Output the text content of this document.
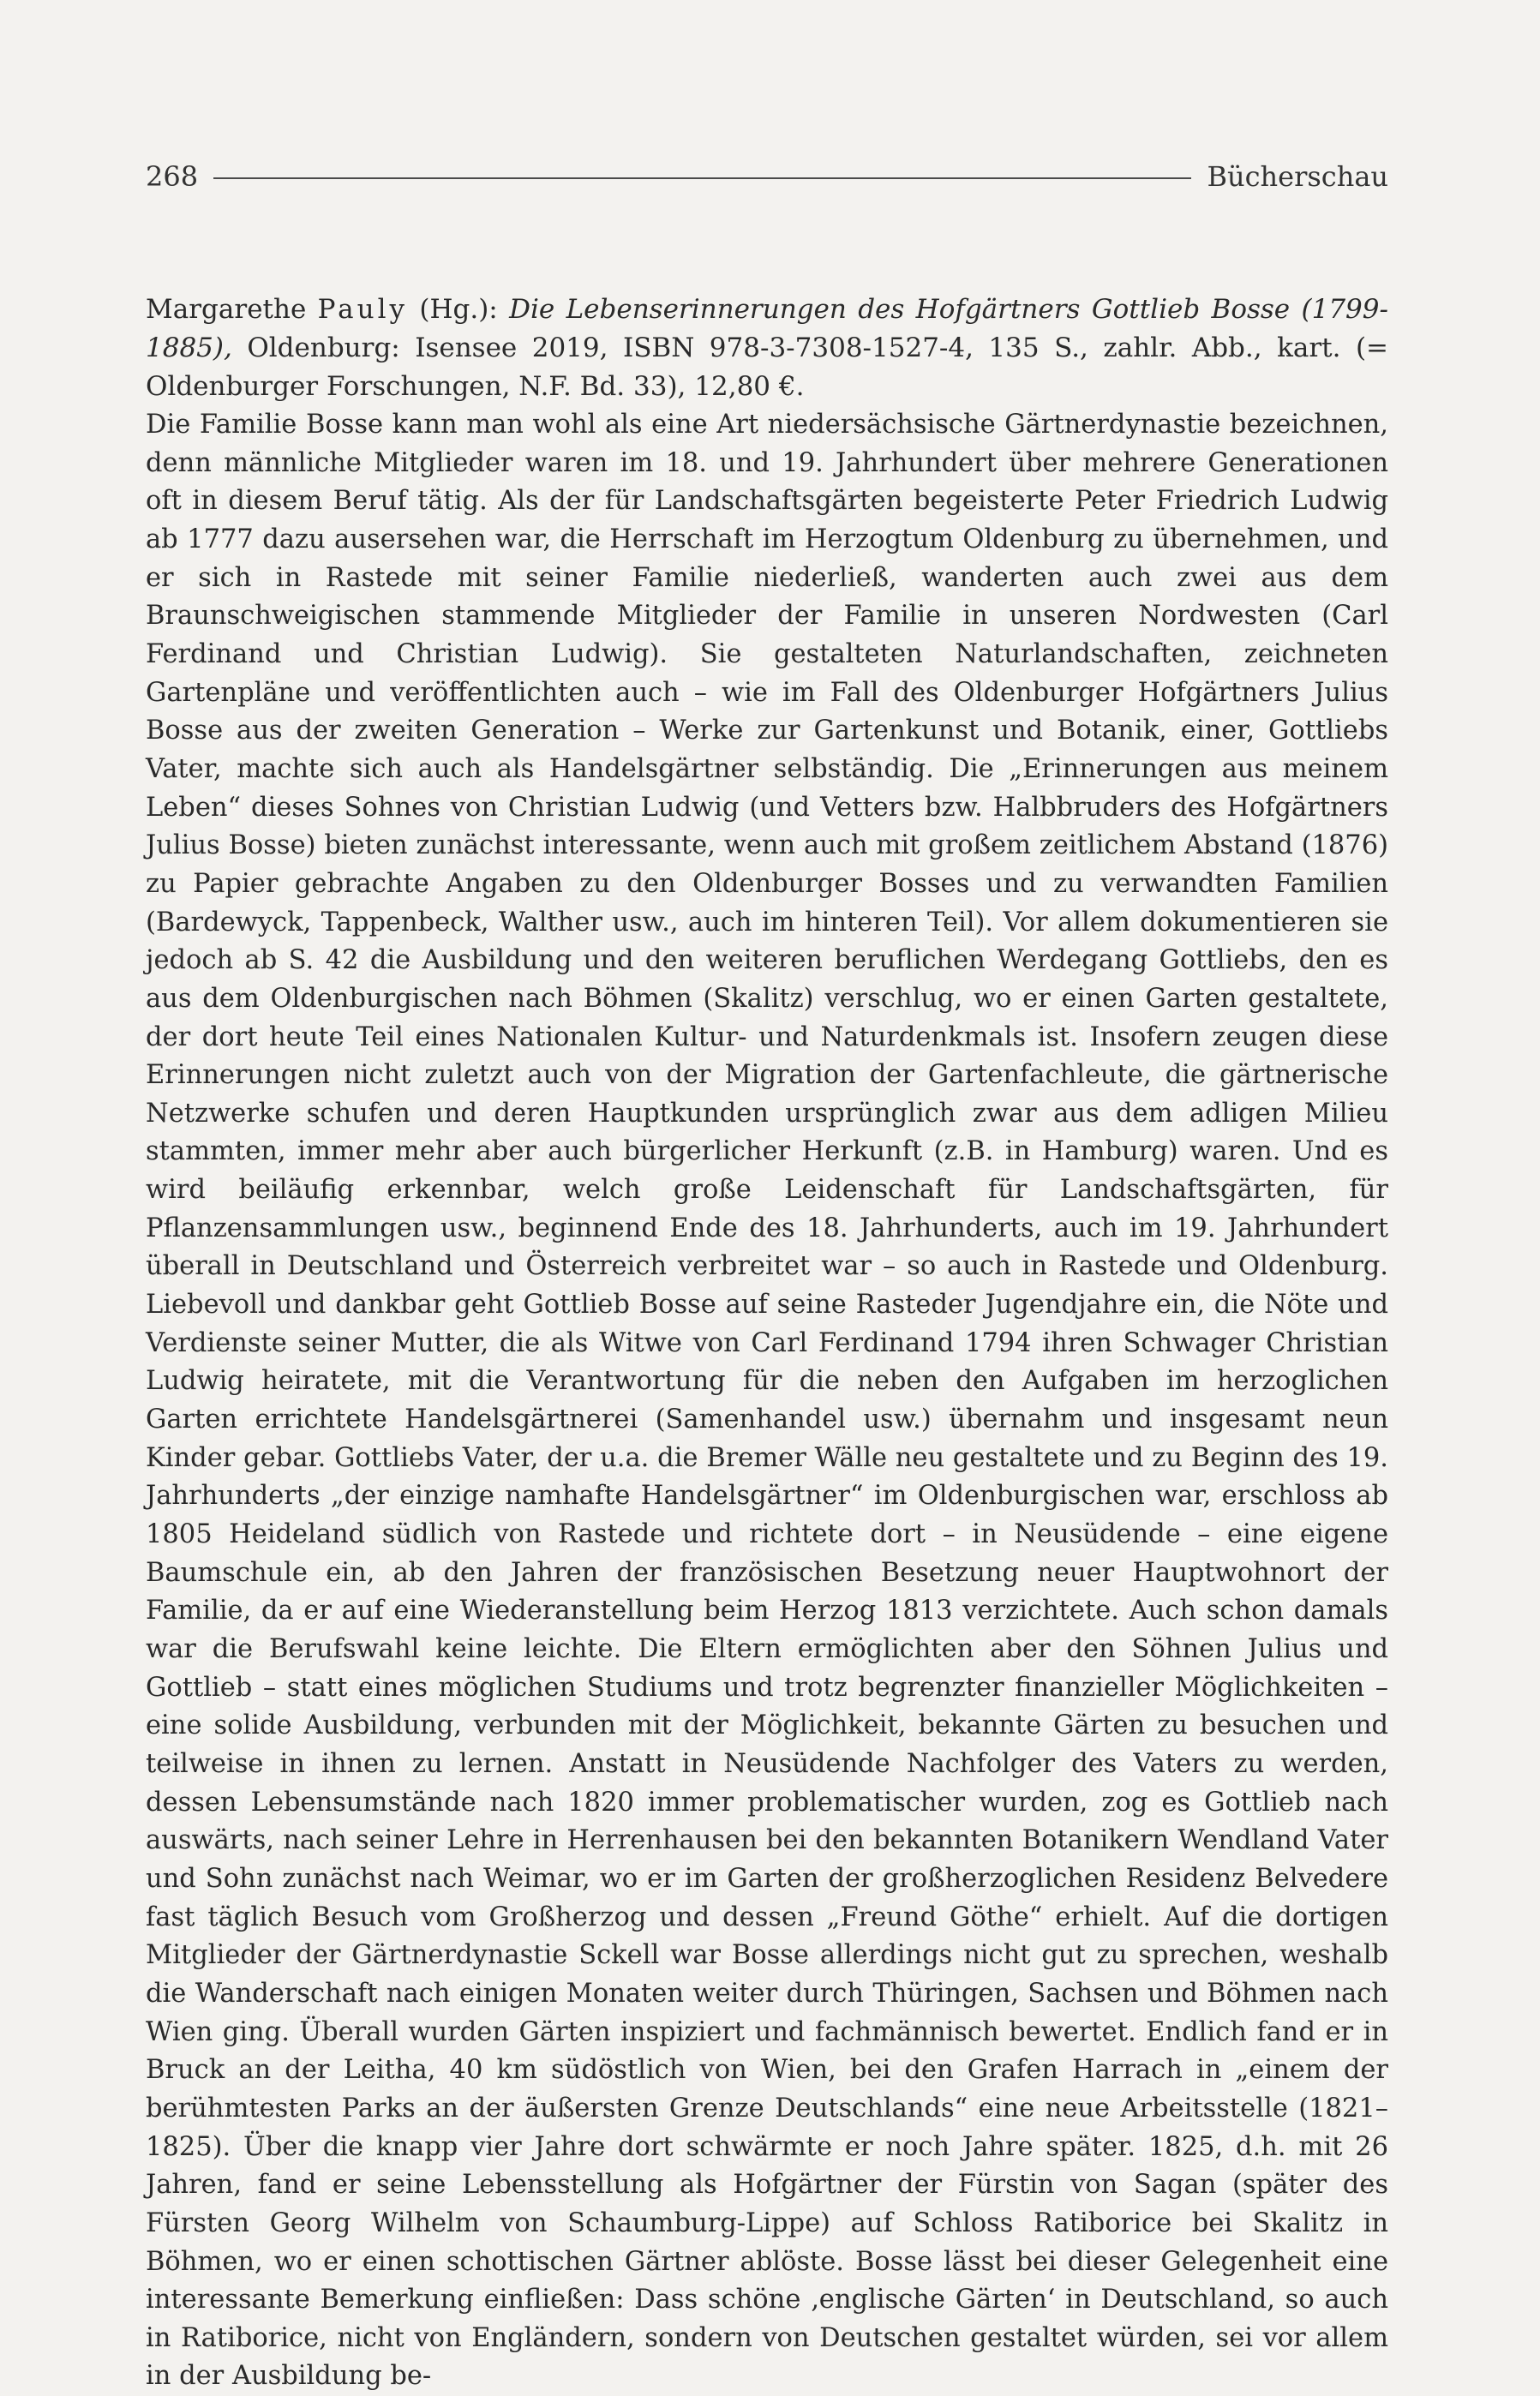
268	Bücherschau

Margarethe Pauly (Hg.): Die Lebenserinnerungen des Hofgärtners Gottlieb Bosse (1799-1885), Oldenburg: Isensee 2019, ISBN 978-3-7308-1527-4, 135 S., zahlr. Abb., kart. (= Oldenburger Forschungen, N.F. Bd. 33), 12,80 €.

Die Familie Bosse kann man wohl als eine Art niedersächsische Gärtnerdynastie bezeichnen, denn männliche Mitglieder waren im 18. und 19. Jahrhundert über mehrere Generationen oft in diesem Beruf tätig. Als der für Landschaftsgärten begeisterte Peter Friedrich Ludwig ab 1777 dazu ausersehen war, die Herrschaft im Herzogtum Oldenburg zu übernehmen, und er sich in Rastede mit seiner Familie niederließ, wanderten auch zwei aus dem Braunschweigischen stammende Mitglieder der Familie in unseren Nordwesten (Carl Ferdinand und Christian Ludwig). Sie gestalteten Naturlandschaften, zeichneten Gartenpläne und veröffentlichten auch – wie im Fall des Oldenburger Hofgärtners Julius Bosse aus der zweiten Generation – Werke zur Gartenkunst und Botanik, einer, Gottliebs Vater, machte sich auch als Handelsgärtner selbständig. Die „Erinnerungen aus meinem Leben“ dieses Sohnes von Christian Ludwig (und Vetters bzw. Halbbruders des Hofgärtners Julius Bosse) bieten zunächst interessante, wenn auch mit großem zeitlichem Abstand (1876) zu Papier gebrachte Angaben zu den Oldenburger Bosses und zu verwandten Familien (Bardewyck, Tappenbeck, Walther usw., auch im hinteren Teil). Vor allem dokumentieren sie jedoch ab S. 42 die Ausbildung und den weiteren beruflichen Werdegang Gottliebs, den es aus dem Oldenburgischen nach Böhmen (Skalitz) verschlug, wo er einen Garten gestaltete, der dort heute Teil eines Nationalen Kultur- und Naturdenkmals ist. Insofern zeugen diese Erinnerungen nicht zuletzt auch von der Migration der Gartenfachleute, die gärtnerische Netzwerke schufen und deren Hauptkunden ursprünglich zwar aus dem adligen Milieu stammten, immer mehr aber auch bürgerlicher Herkunft (z.B. in Hamburg) waren. Und es wird beiläufig erkennbar, welch große Leidenschaft für Landschaftsgärten, für Pflanzensammlungen usw., beginnend Ende des 18. Jahrhunderts, auch im 19. Jahrhundert überall in Deutschland und Österreich verbreitet war – so auch in Rastede und Oldenburg. Liebevoll und dankbar geht Gottlieb Bosse auf seine Rasteder Jugendjahre ein, die Nöte und Verdienste seiner Mutter, die als Witwe von Carl Ferdinand 1794 ihren Schwager Christian Ludwig heiratete, mit die Verantwortung für die neben den Aufgaben im herzoglichen Garten errichtete Handelsgärtnerei (Samenhandel usw.) übernahm und insgesamt neun Kinder gebar. Gottliebs Vater, der u.a. die Bremer Wälle neu gestaltete und zu Beginn des 19. Jahrhunderts „der einzige namhafte Handelsgärtner“ im Oldenburgischen war, erschloss ab 1805 Heideland südlich von Rastede und richtete dort – in Neusüdende – eine eigene Baumschule ein, ab den Jahren der französischen Besetzung neuer Hauptwohnort der Familie, da er auf eine Wiederanstellung beim Herzog 1813 verzichtete. Auch schon damals war die Berufswahl keine leichte. Die Eltern ermöglichten aber den Söhnen Julius und Gottlieb – statt eines möglichen Studiums und trotz begrenzter finanzieller Möglichkeiten – eine solide Ausbildung, verbunden mit der Möglichkeit, bekannte Gärten zu besuchen und teilweise in ihnen zu lernen. Anstatt in Neusüdende Nachfolger des Vaters zu werden, dessen Lebensumstände nach 1820 immer problematischer wurden, zog es Gottlieb nach auswärts, nach seiner Lehre in Herrenhausen bei den bekannten Botanikern Wendland Vater und Sohn zunächst nach Weimar, wo er im Garten der großherzoglichen Residenz Belvedere fast täglich Besuch vom Großherzog und dessen „Freund Göthe“ erhielt. Auf die dortigen Mitglieder der Gärtnerdynastie Sckell war Bosse allerdings nicht gut zu sprechen, weshalb die Wanderschaft nach einigen Monaten weiter durch Thüringen, Sachsen und Böhmen nach Wien ging. Überall wurden Gärten inspiziert und fachmännisch bewertet. Endlich fand er in Bruck an der Leitha, 40 km südöstlich von Wien, bei den Grafen Harrach in „einem der berühmtesten Parks an der äußersten Grenze Deutschlands“ eine neue Arbeitsstelle (1821–1825). Über die knapp vier Jahre dort schwärmte er noch Jahre später. 1825, d.h. mit 26 Jahren, fand er seine Lebensstellung als Hofgärtner der Fürstin von Sagan (später des Fürsten Georg Wilhelm von Schaumburg-Lippe) auf Schloss Ratiborice bei Skalitz in Böhmen, wo er einen schottischen Gärtner ablöste. Bosse lässt bei dieser Gelegenheit eine interessante Bemerkung einfließen: Dass schöne ‚englische Gärten‘ in Deutschland, so auch in Ratiborice, nicht von Engländern, sondern von Deutschen gestaltet würden, sei vor allem in der Ausbildung be-
